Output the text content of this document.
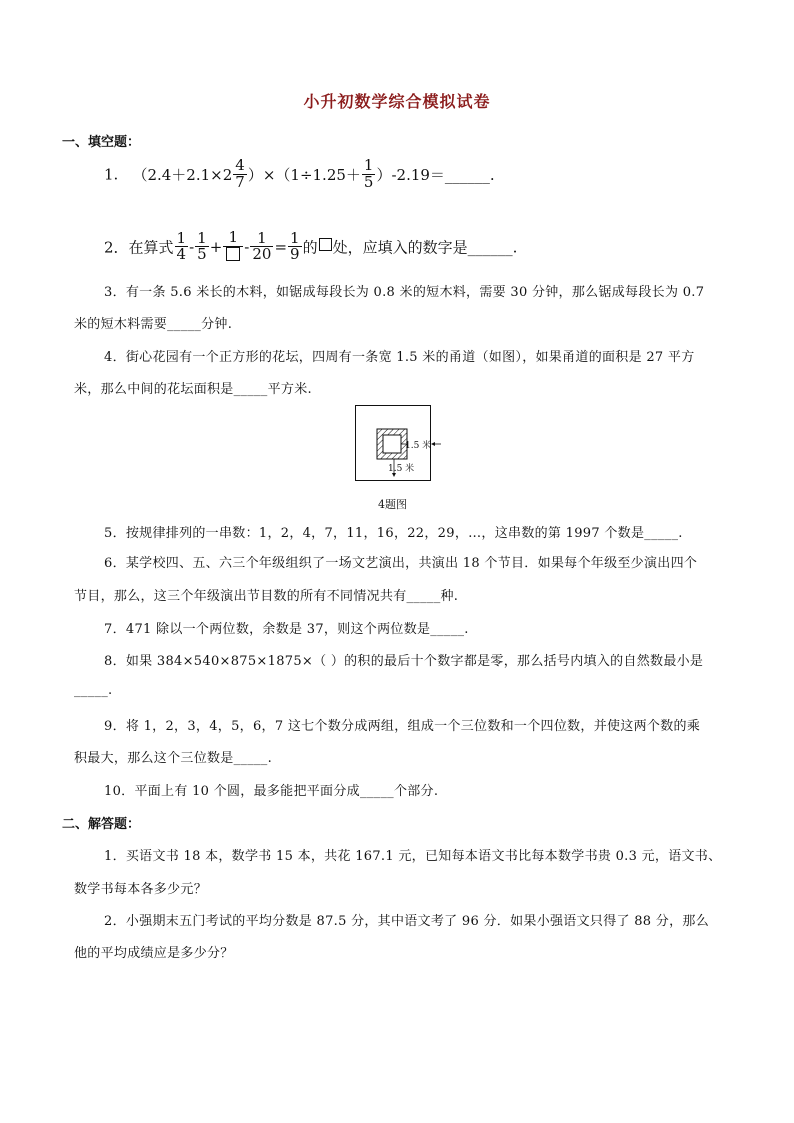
小升初数学综合模拟试卷
一、填空题：
1. $(2.4+2.1\times 2 \frac{4}{7} )\times(1\div 1.25+ \frac{1}{5}$ ）-2.19＝______.
2．在算式 $\frac{1}{4} - \frac{1}{5}$ +
1
- $\frac{1}{20} = \frac{1}{9}$ 的 处，应填入的数字是______.
3．有一条 5.6 米长的木料，如锯成每段长为 0.8 米的短木料，需要 30 分钟，那么锯成每段长为 0.7
米的短木料需要_____分钟.
4．街心花园有一个正方形的花坛，四周有一条宽 1.5 米的甬道（如图），如果甬道的面积是 27 平方
米，那么中间的花坛面积是_____平方米.
1.5 米
1.5 米
4题图
5．按规律排列的一串数：1，2，4，7，11，16，22，29，…，这串数的第 1997 个数是_____.
6．某学校四、五、六三个年级组织了一场文艺演出，共演出 18 个节目．如果每个年级至少演出四个
节目，那么，这三个年级演出节目数的所有不同情况共有_____种.
7．471 除以一个两位数，余数是 37，则这个两位数是_____.
8．如果 384×540×875×1875×（ ）的积的最后十个数字都是零，那么括号内填入的自然数最小是
_____.
9．将 1，2，3，4，5，6，7 这七个数分成两组，组成一个三位数和一个四位数，并使这两个数的乘
积最大，那么这个三位数是_____.
10．平面上有 10 个圆，最多能把平面分成_____个部分.
二、解答题：
1．买语文书 18 本，数学书 15 本，共花 167.1 元，已知每本语文书比每本数学书贵 0.3 元，语文书、
数学书每本各多少元？
2．小强期末五门考试的平均分数是 87.5 分，其中语文考了 96 分．如果小强语文只得了 88 分，那么
他的平均成绩应是多少分？
